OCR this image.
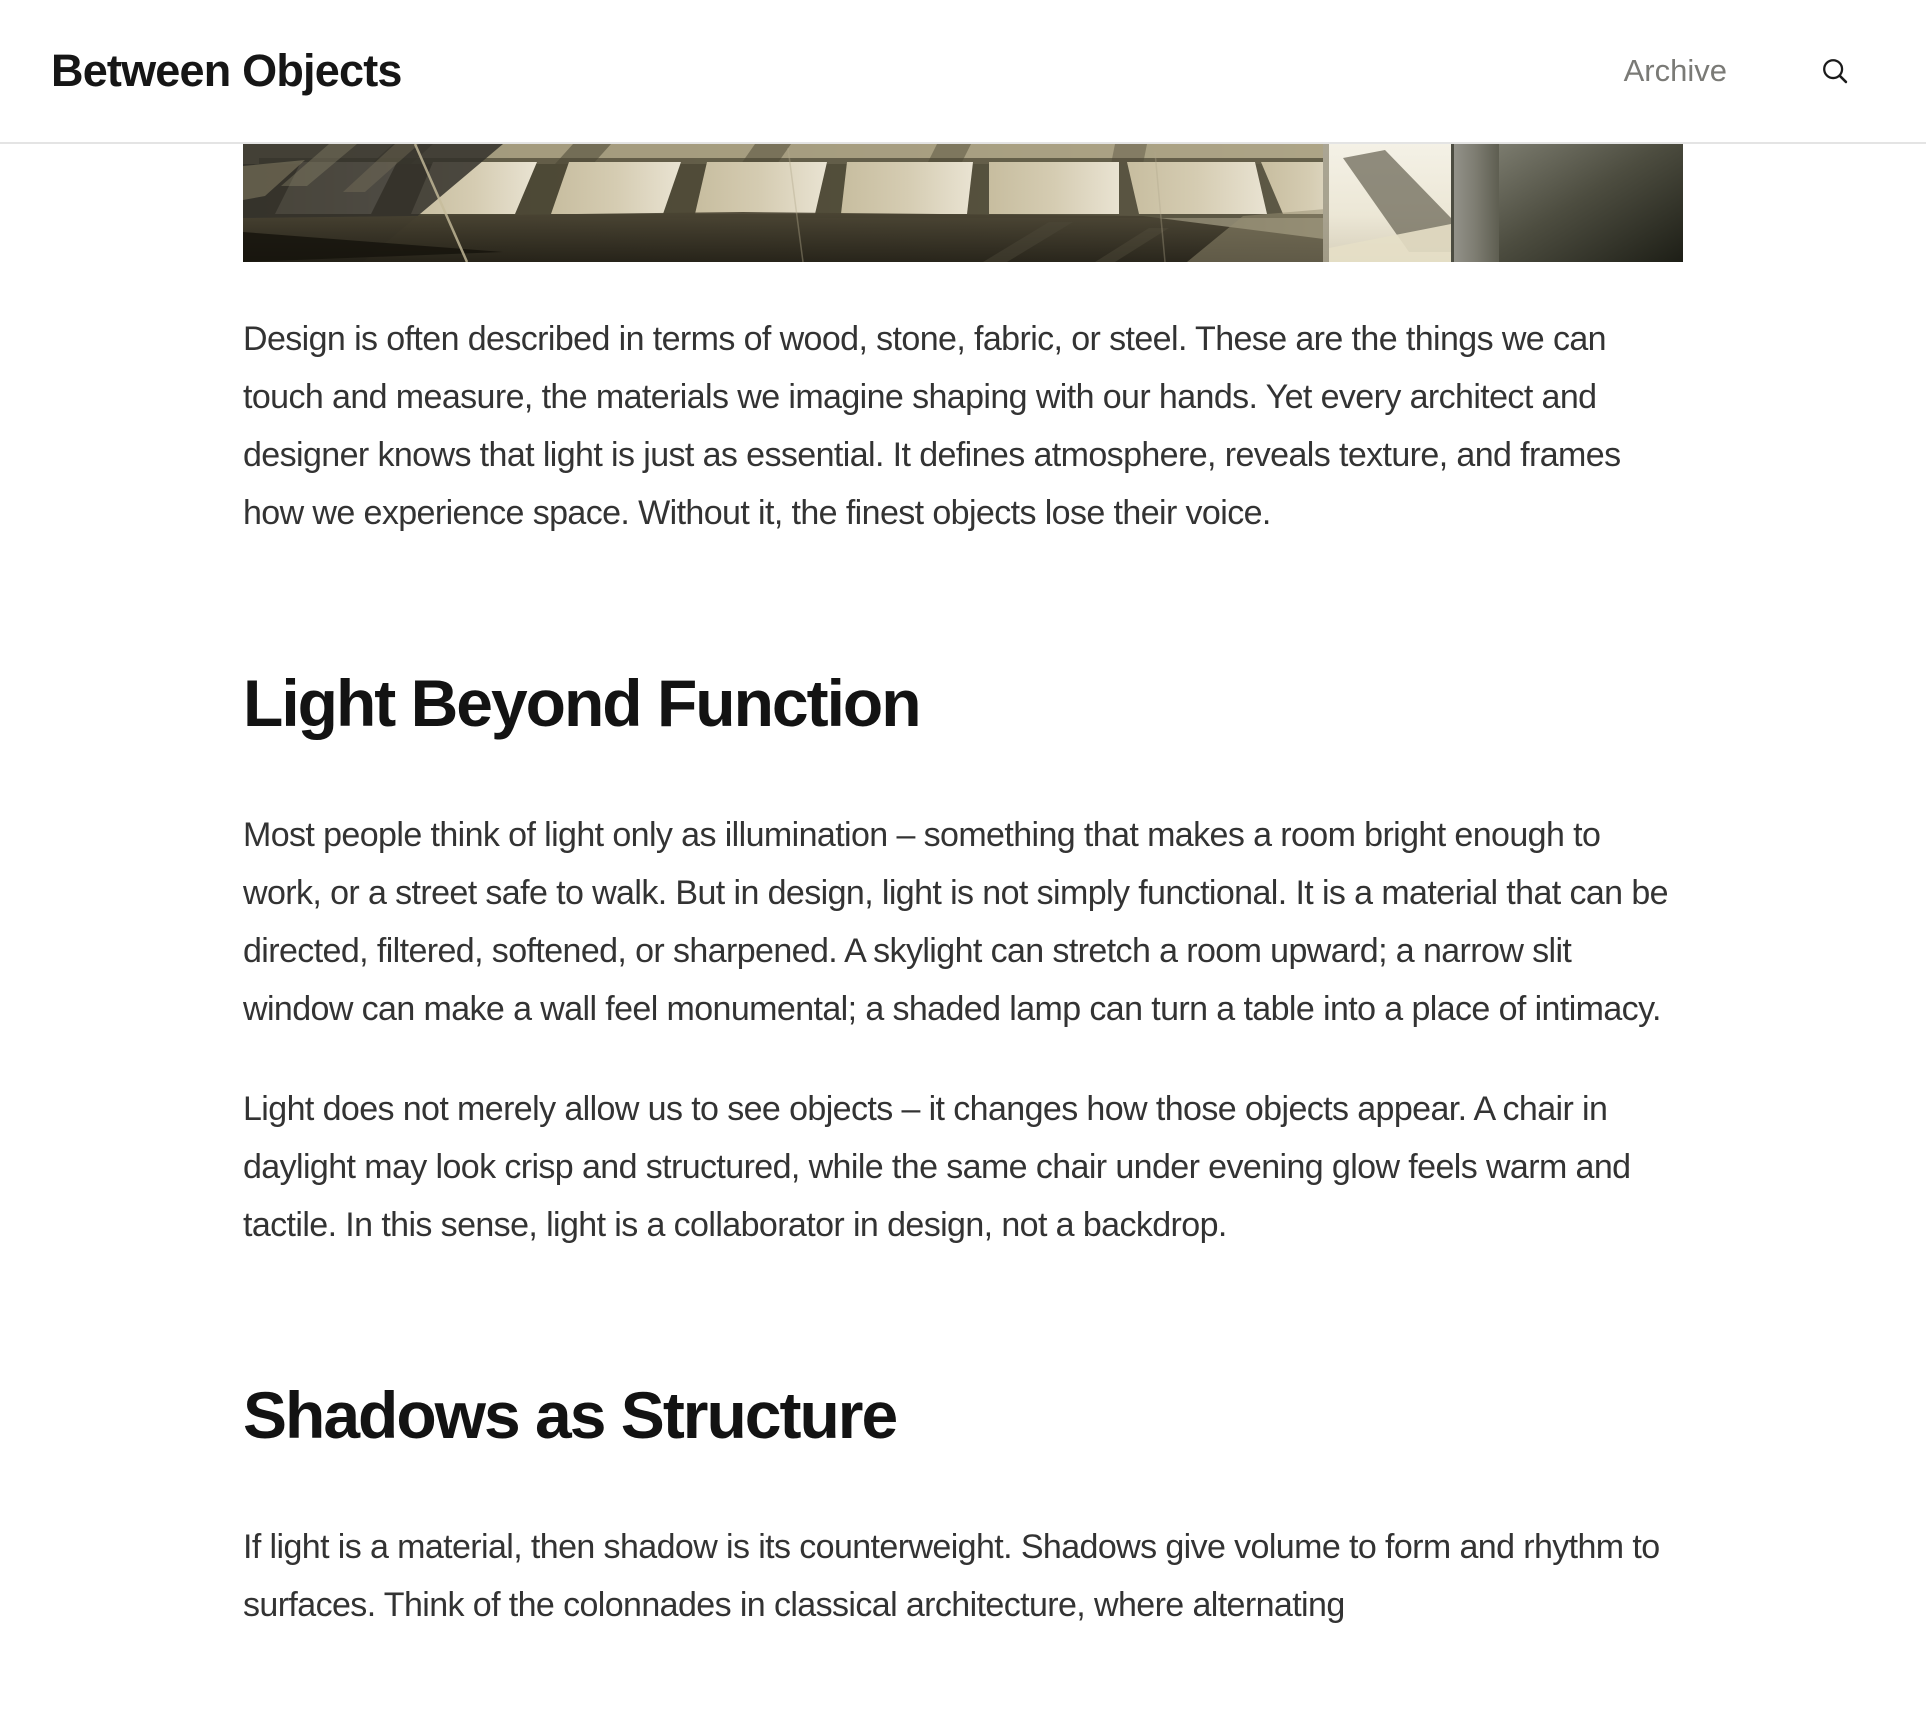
Between Objects	Archive

Design is often described in terms of wood, stone, fabric, or steel. These are the things we can touch and measure, the materials we imagine shaping with our hands. Yet every architect and designer knows that light is just as essential. It defines atmosphere, reveals texture, and frames how we experience space. Without it, the finest objects lose their voice.

Light Beyond Function

Most people think of light only as illumination – something that makes a room bright enough to work, or a street safe to walk. But in design, light is not simply functional. It is a material that can be directed, filtered, softened, or sharpened. A skylight can stretch a room upward; a narrow slit window can make a wall feel monumental; a shaded lamp can turn a table into a place of intimacy.

Light does not merely allow us to see objects – it changes how those objects appear. A chair in daylight may look crisp and structured, while the same chair under evening glow feels warm and tactile. In this sense, light is a collaborator in design, not a backdrop.

Shadows as Structure

If light is a material, then shadow is its counterweight. Shadows give volume to form and rhythm to surfaces. Think of the colonnades in classical architecture, where alternating
